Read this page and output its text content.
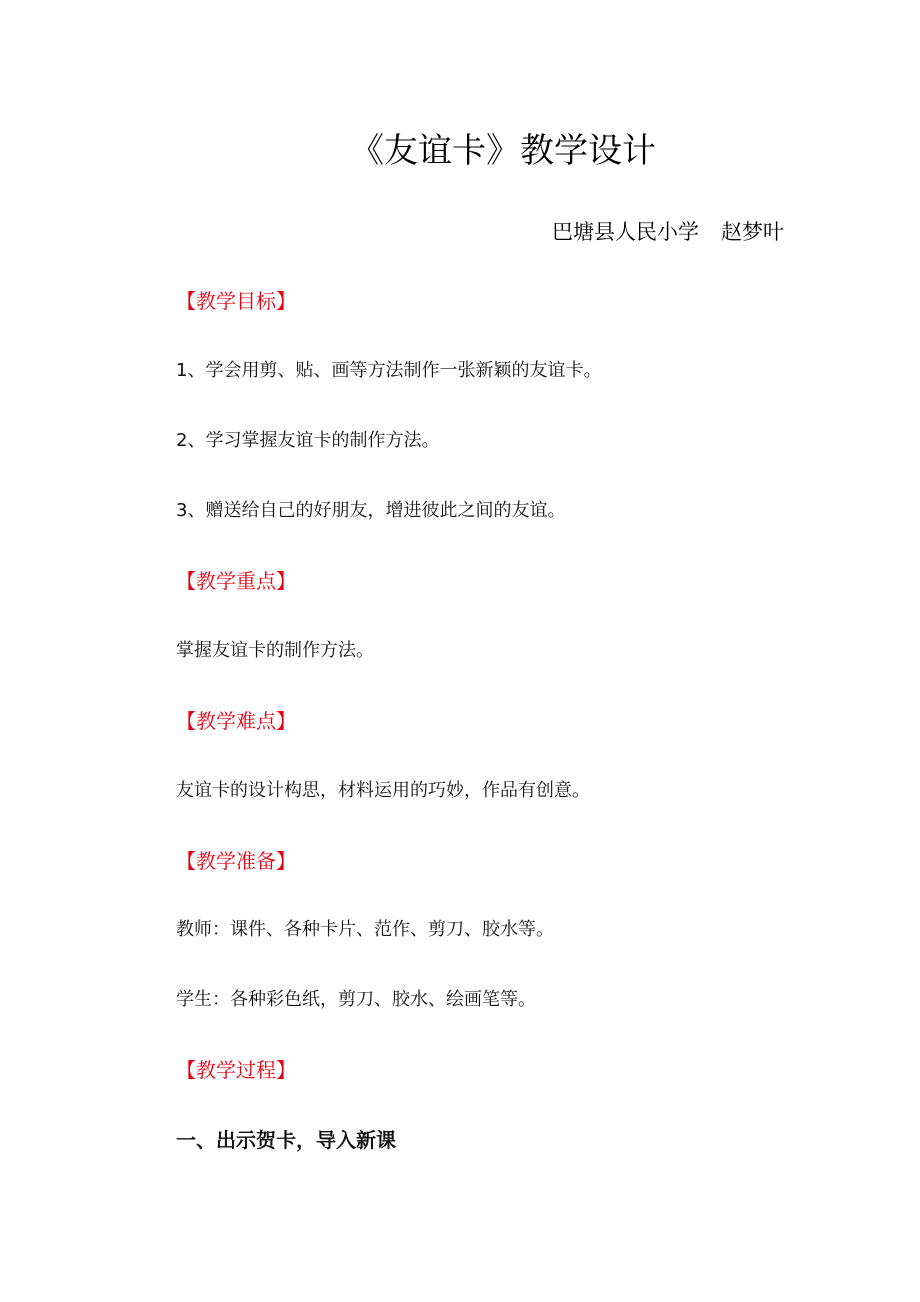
《友谊卡》教学设计
巴塘县人民小学 赵梦叶
【教学目标】
1、学会用剪、贴、画等方法制作一张新颖的友谊卡。
2、学习掌握友谊卡的制作方法。
3、赠送给自己的好朋友，增进彼此之间的友谊。
【教学重点】
掌握友谊卡的制作方法。
【教学难点】
友谊卡的设计构思，材料运用的巧妙，作品有创意。
【教学准备】
教师：课件、各种卡片、范作、剪刀、胶水等。
学生：各种彩色纸，剪刀、胶水、绘画笔等。
【教学过程】
一、出示贺卡，导入新课
